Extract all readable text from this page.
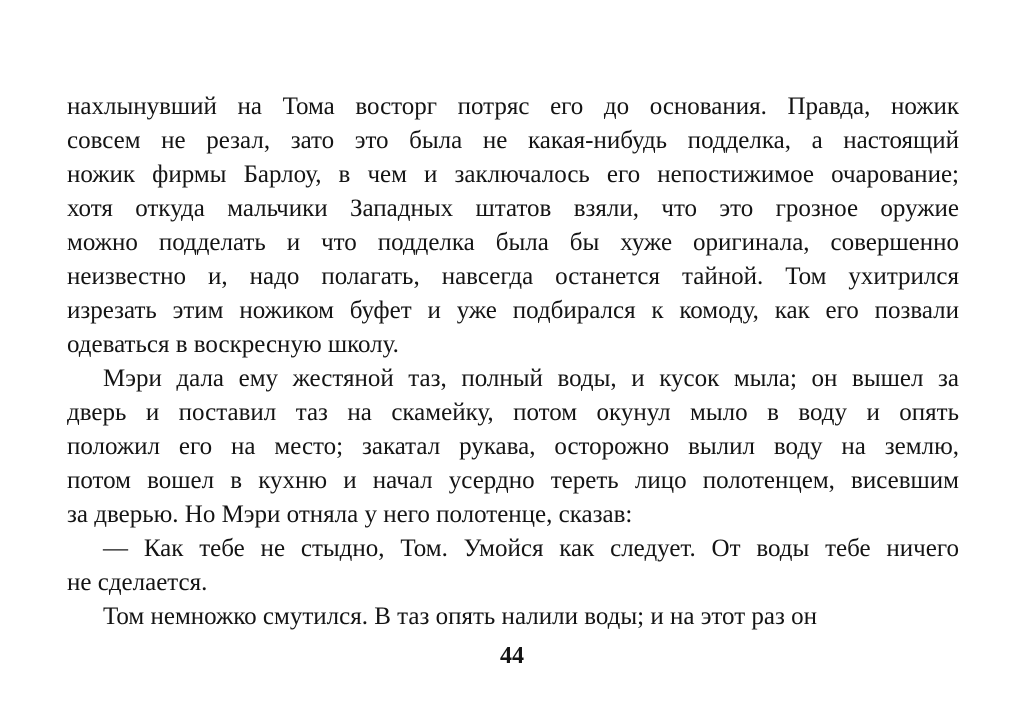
нахлынувший на Тома восторг потряс его до основания. Правда, ножик

совсем не резал, зато это была не какая-нибудь подделка, а настоящий

ножик фирмы Барлоу, в чем и заключалось его непостижимое очарование;

хотя откуда мальчики Западных штатов взяли, что это грозное оружие

можно подделать и что подделка была бы хуже оригинала, совершенно

неизвестно и, надо полагать, навсегда останется тайной. Том ухитрился

изрезать этим ножиком буфет и уже подбирался к комоду, как его позвали

одеваться в воскресную школу.

Мэри дала ему жестяной таз, полный воды, и кусок мыла; он вышел за

дверь и поставил таз на скамейку, потом окунул мыло в воду и опять

положил его на место; закатал рукава, осторожно вылил воду на землю,

потом вошел в кухню и начал усердно тереть лицо полотенцем, висевшим

за дверью. Но Мэри отняла у него полотенце, сказав:

— Как тебе не стыдно, Том. Умойся как следует. От воды тебе ничего

не сделается.

Том немножко смутился. В таз опять налили воды; и на этот раз он

44
